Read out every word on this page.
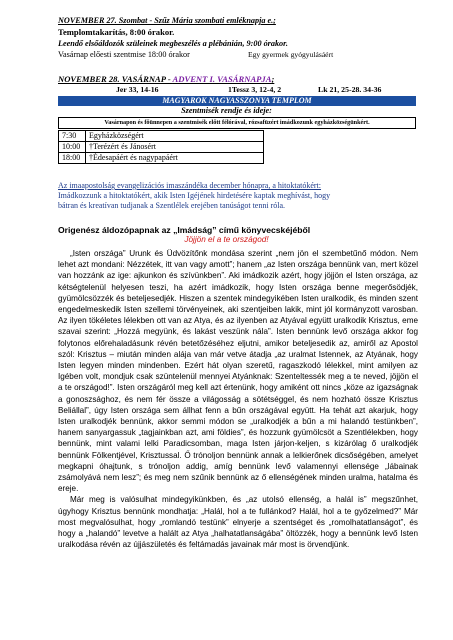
NOVEMBER 27. Szombat - Szűz Mária szombati emléknapja e.;
Templomtakarítás, 8:00 órakor.
Leendő elsőáldozók szüleinek megbeszélés a plébánián, 9:00 órakor.
Vasárnap előesti szentmise 18:00 órakor	Egy gyermek gyógyulásáért
NOVEMBER 28. VASÁRNAP - ADVENT I. VASÁRNAPJA;
Jer 33, 14-16	1Tessz 3, 12-4, 2	Lk 21, 25-28. 34-36
MAGYAROK NAGYASSZONYA TEMPLOM
Szentmisék rendje és ideje:
Vasárnapon és főünnepen a szentmisék előtt félórával, rózsafüzért imádkozunk egyházközségünkért.
7:30	Egyházközségért
10:00	†Terézért és Jánosért
18:00	†Édesapáért és nagypapáért
Az imaapostolság evangelizációs imaszándéka december hónapra, a hitoktatókért:
Imádkozzunk a hitoktatókért, akik Isten Igéjének hirdetésére kaptak meghívást, hogy
bátran és kreatívan tudjanak a Szentlélek erejében tanúságot tenni róla.
Origenész áldozópapnak az „Imádság” című könyvecskéjéből
Jöjjön el a te országod!

„Isten országa” Urunk és Üdvözítőnk mondása szerint „nem jön el szembetűnő módon. Nem lehet azt mondani: Nézzétek, itt van vagy amott”; hanem „az Isten országa bennünk van, mert közel van hozzánk az ige: ajkunkon és szívünkben”. Aki imádkozik azért, hogy jöjjön el Isten országa, az kétségtelenül helyesen teszi, ha azért imádkozik, hogy Isten országa benne megerősödjék, gyümölcsözzék és beteljesedjék. Hiszen a szentek mindegyikében Isten uralkodik, és minden szent engedelmeskedik Isten szellemi törvényeinek, aki szentjeiben lakik, mint jól kormányzott varosban. Az ilyen tökéletes lélekben ott van az Atya, és az ilyenben az Atyával együtt uralkodik Krisztus, eme szavai szerint: „Hozzá megyünk, és lakást veszünk nála”. Isten bennünk levő országa akkor fog folytonos előrehaladásunk révén betetőzéséhez eljutni, amikor beteljesedik az, amiről az Apostol szól: Krisztus – miután minden alája van már vetve átadja „az uralmat Istennek, az Atyának, hogy Isten legyen minden mindenben. Ezért hát olyan szeretű, ragaszkodó lélekkel, mint amilyen az Igében volt, mondjuk csak szüntelenül mennyei Atyánknak: Szenteltessék meg a te neved, jöjjön el a te országod!”. Isten országáról meg kell azt értenünk, hogy amiként ott nincs „köze az igazságnak a gonoszsághoz, és nem fér össze a világosság a sötétséggel, és nem hozható össze Krisztus Beliállal”, úgy Isten országa sem állhat fenn a bűn országával együtt. Ha tehát azt akarjuk, hogy Isten uralkodjék bennünk, akkor semmi módon se „uralkodjék a bűn a mi halandó testünkben”, hanem sanyargassuk „tagjainkban azt, ami földies”, és hozzunk gyümölcsöt a Szentlélekben, hogy bennünk, mint valami lelki Paradicsomban, maga Isten járjon-keljen, s kizárólag ő uralkodjék bennünk Fölkentjével, Krisztussal. Ő trónoljon bennünk annak a lelkierőnek dicsőségében, amelyet megkapni óhajtunk, s trónoljon addig, amíg bennünk levő valamennyi ellensége „lábainak zsámolyává nem lesz”; és meg nem szűnik bennünk az ő ellenségének minden uralma, hatalma és ereje.

Már meg is valósulhat mindegyikünkben, és „az utolsó ellenség, a halál is” megszűnhet, úgyhogy Krisztus bennünk mondhatja: „Halál, hol a te fullánkod? Halál, hol a te győzelmed?” Már most megvalósulhat, hogy „romlandó testünk” elnyerje a szentséget és „romolhatatlanságot”, és hogy a „halandó” levetve a halált az Atya „halhatatlanságába” öltözzék, hogy a bennünk levő Isten uralkodása révén az újjászületés és feltámadás javainak már most is örvendjünk.
